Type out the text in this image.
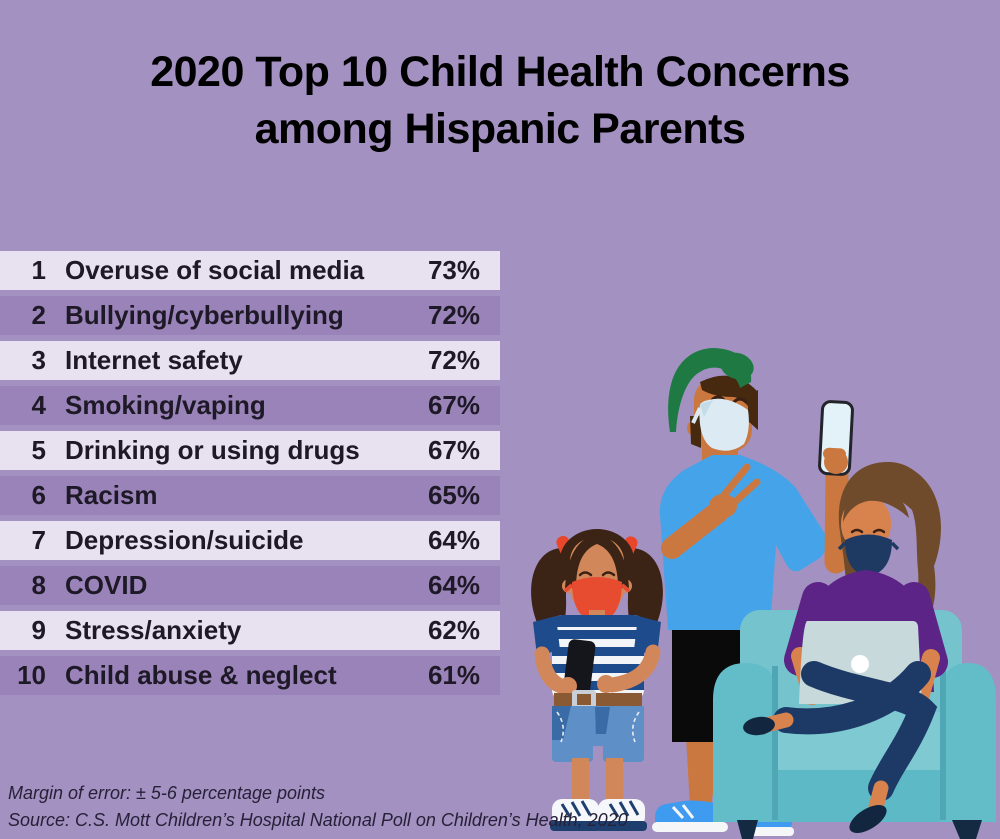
2020 Top 10 Child Health Concerns
among Hispanic Parents
1 Overuse of social media	73%
2 Bullying/cyberbullying	72%
3 Internet safety	72%
4 Smoking/vaping	67%
5 Drinking or using drugs	67%
6 Racism	65%
7 Depression/suicide	64%
8 COVID	64%
9 Stress/anxiety	62%
10 Child abuse & neglect	61%
Margin of error: ± 5-6 percentage points
Source: C.S. Mott Children’s Hospital National Poll on Children’s Health, 2020
